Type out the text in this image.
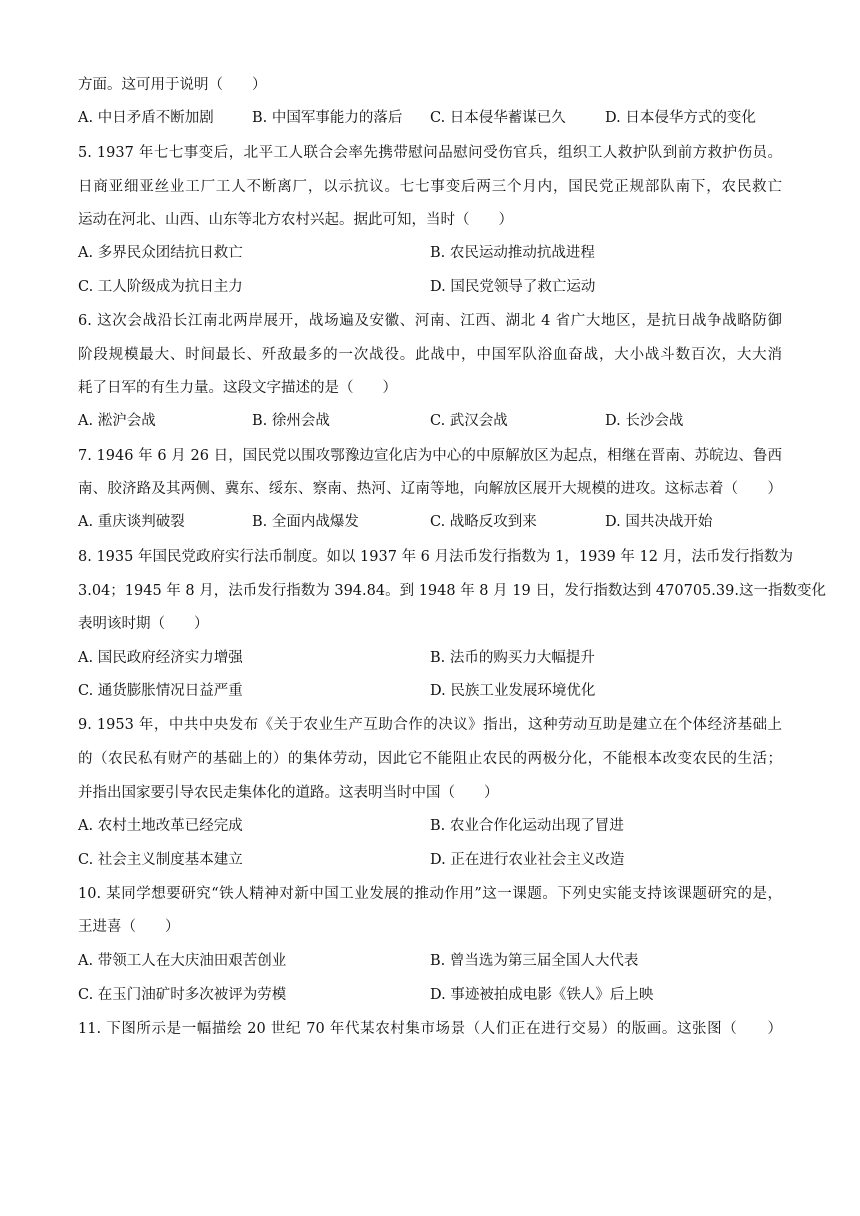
方面。这可用于说明（　　）
A. 中日矛盾不断加剧	B. 中国军事能力的落后 C. 日本侵华蓄谋已久	D. 日本侵华方式的变化
5. 1937 年七七事变后，北平工人联合会率先携带慰问品慰问受伤官兵，组织工人救护队到前方救护伤员。
日商亚细亚丝业工厂工人不断离厂，以示抗议。七七事变后两三个月内，国民党正规部队南下，农民救亡
运动在河北、山西、山东等北方农村兴起。据此可知，当时（　　）
A. 多界民众团结抗日救亡	B. 农民运动推动抗战进程
C. 工人阶级成为抗日主力	D. 国民党领导了救亡运动
6. 这次会战沿长江南北两岸展开，战场遍及安徽、河南、江西、湖北 4 省广大地区，是抗日战争战略防御
阶段规模最大、时间最长、歼敌最多的一次战役。此战中，中国军队浴血奋战，大小战斗数百次，大大消
耗了日军的有生力量。这段文字描述的是（　　）
A. 淞沪会战	B. 徐州会战	C. 武汉会战	D. 长沙会战
7. 1946 年 6 月 26 日，国民党以围攻鄂豫边宣化店为中心的中原解放区为起点，相继在晋南、苏皖边、鲁西
南、胶济路及其两侧、冀东、绥东、察南、热河、辽南等地，向解放区展开大规模的进攻。这标志着（　　）
A. 重庆谈判破裂	B. 全面内战爆发	C. 战略反攻到来	D. 国共决战开始
8. 1935 年国民党政府实行法币制度。如以 1937 年 6 月法币发行指数为 1，1939 年 12 月，法币发行指数为
3.04；1945 年 8 月，法币发行指数为 394.84。到 1948 年 8 月 19 日，发行指数达到 470705.39.这一指数变化
表明该时期（　　）
A. 国民政府经济实力增强	B. 法币的购买力大幅提升
C. 通货膨胀情况日益严重	D. 民族工业发展环境优化
9. 1953 年，中共中央发布《关于农业生产互助合作的决议》指出，这种劳动互助是建立在个体经济基础上
的（农民私有财产的基础上的）的集体劳动，因此它不能阻止农民的两极分化，不能根本改变农民的生活；
并指出国家要引导农民走集体化的道路。这表明当时中国（　　）
A. 农村土地改革已经完成	B. 农业合作化运动出现了冒进
C. 社会主义制度基本建立	D. 正在进行农业社会主义改造
10. 某同学想要研究“铁人精神对新中国工业发展的推动作用”这一课题。下列史实能支持该课题研究的是，
王进喜（　　）
A. 带领工人在大庆油田艰苦创业	B. 曾当选为第三届全国人大代表
C. 在玉门油矿时多次被评为劳模	D. 事迹被拍成电影《铁人》后上映
11. 下图所示是一幅描绘 20 世纪 70 年代某农村集市场景（人们正在进行交易）的版画。这张图（　　）
